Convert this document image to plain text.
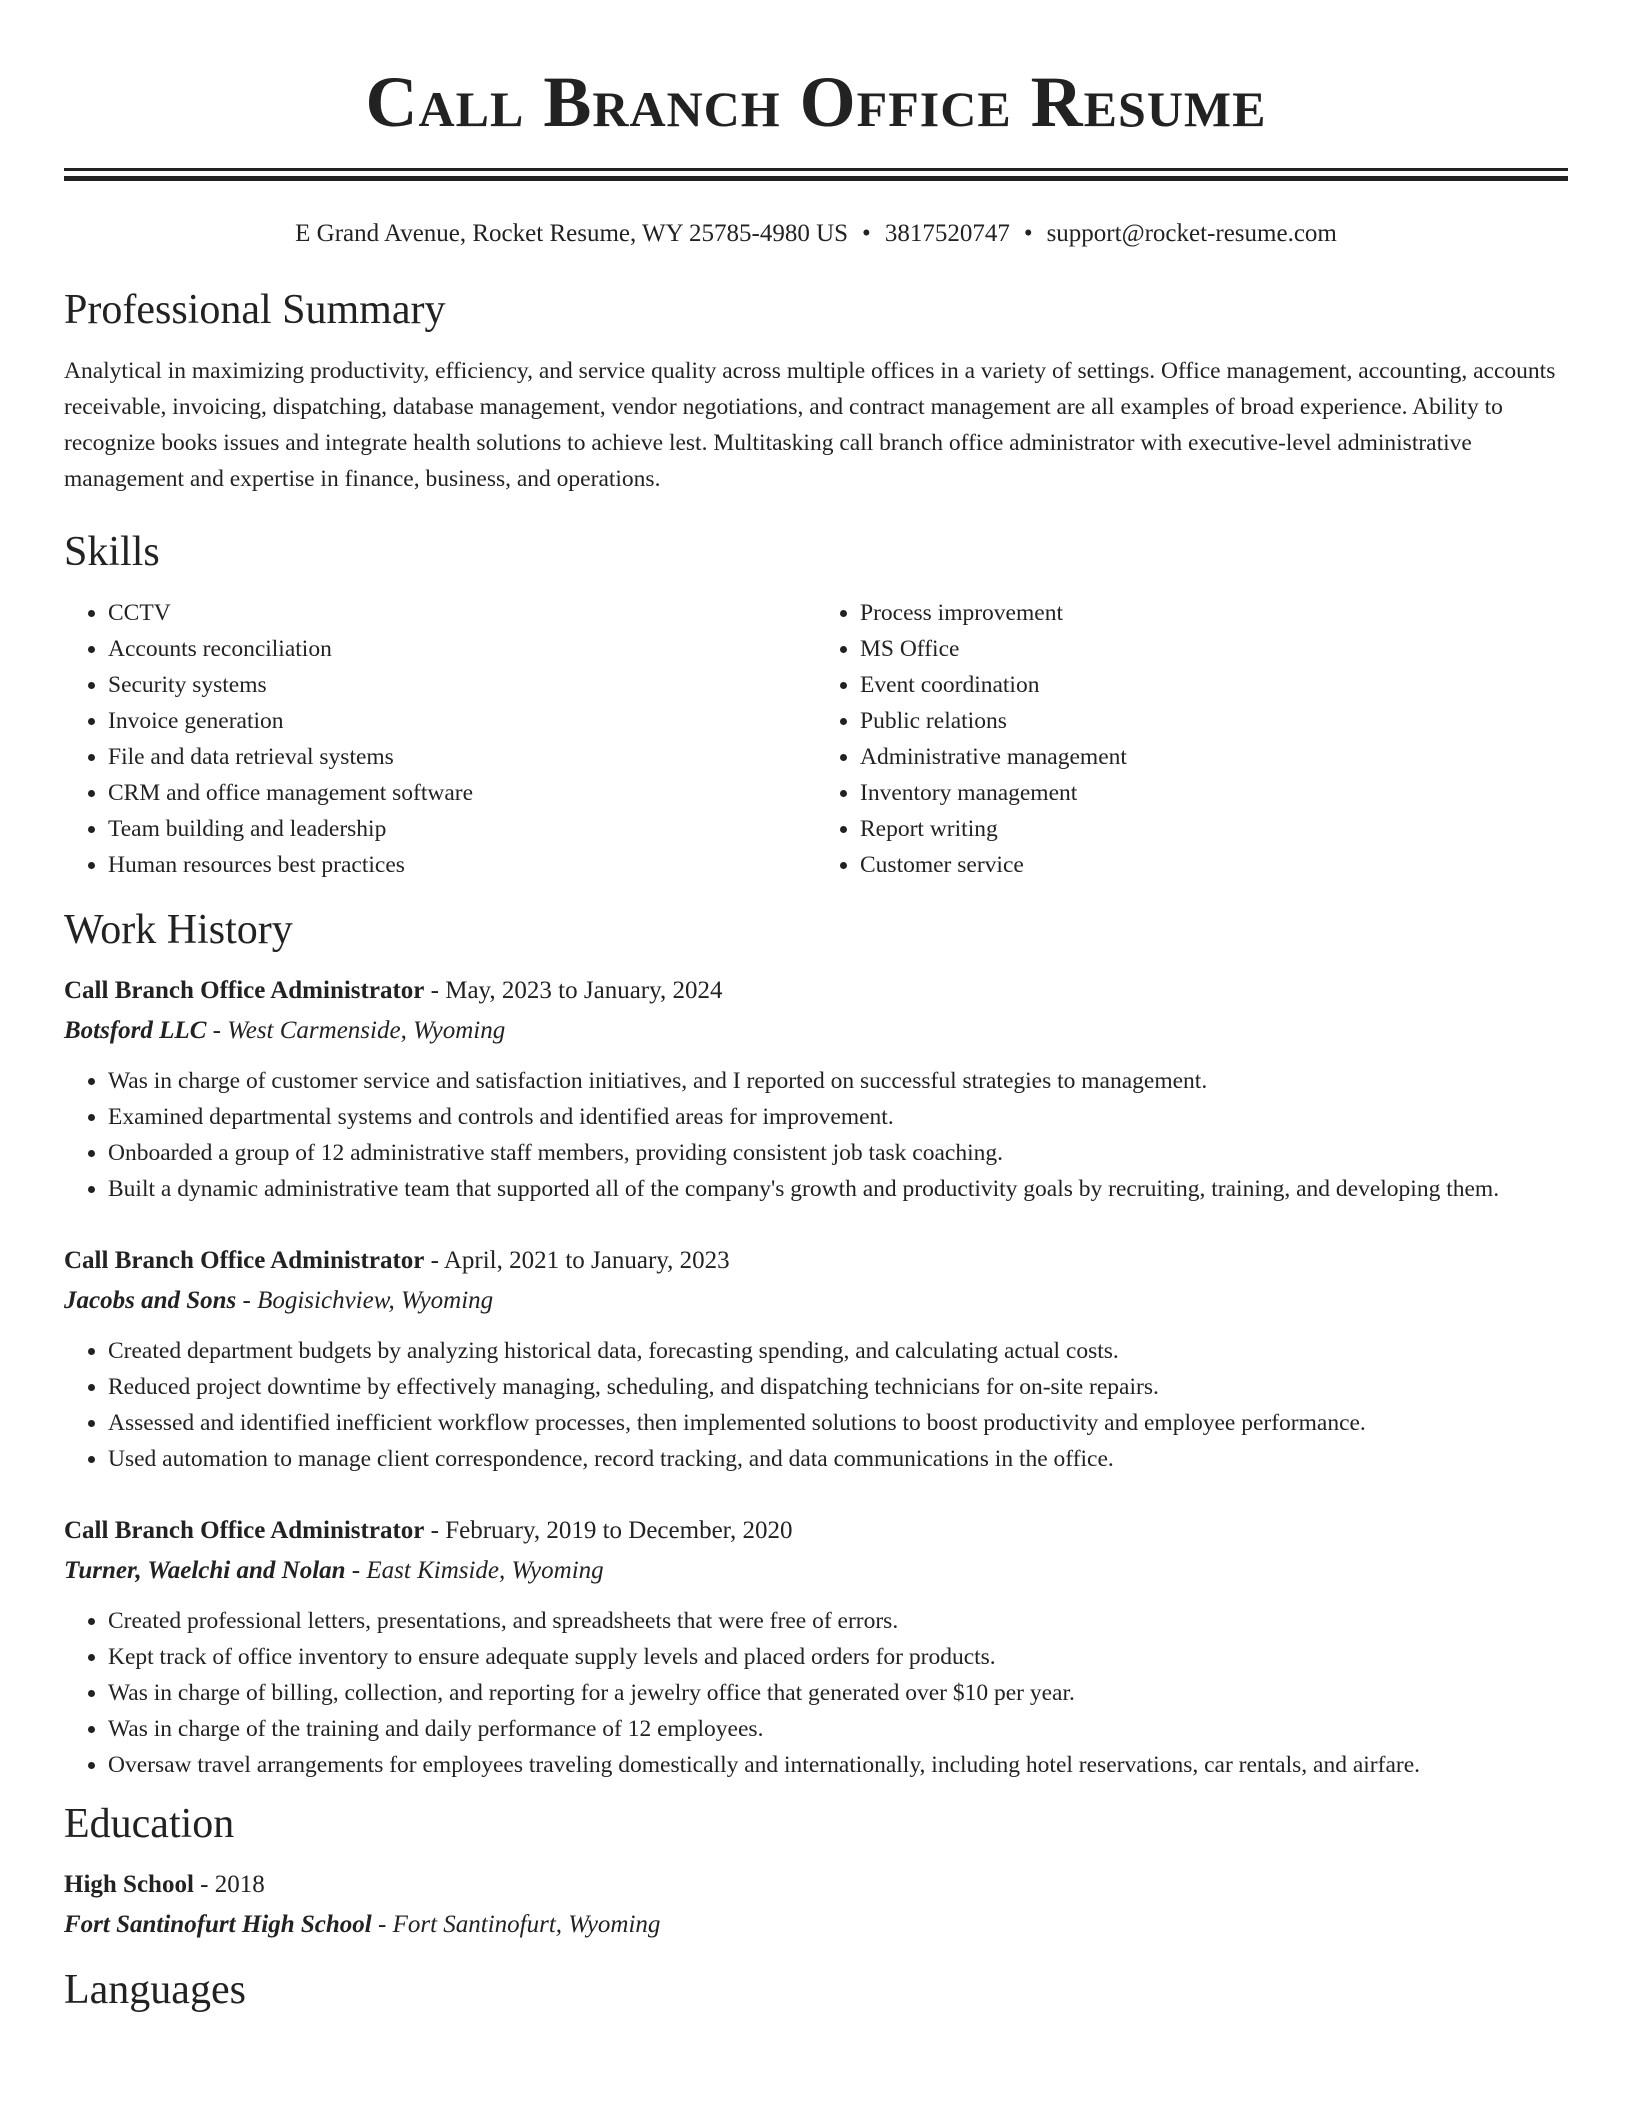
Call Branch Office Resume
E Grand Avenue, Rocket Resume, WY 25785-4980 US • 3817520747 • support@rocket-resume.com
Professional Summary
Analytical in maximizing productivity, efficiency, and service quality across multiple offices in a variety of settings. Office management, accounting, accounts receivable, invoicing, dispatching, database management, vendor negotiations, and contract management are all examples of broad experience. Ability to recognize books issues and integrate health solutions to achieve lest. Multitasking call branch office administrator with executive-level administrative management and expertise in finance, business, and operations.
Skills
• CCTV
• Accounts reconciliation
• Security systems
• Invoice generation
• File and data retrieval systems
• CRM and office management software
• Team building and leadership
• Human resources best practices
• Process improvement
• MS Office
• Event coordination
• Public relations
• Administrative management
• Inventory management
• Report writing
• Customer service
Work History
Call Branch Office Administrator - May, 2023 to January, 2024
Botsford LLC - West Carmenside, Wyoming
• Was in charge of customer service and satisfaction initiatives, and I reported on successful strategies to management.
• Examined departmental systems and controls and identified areas for improvement.
• Onboarded a group of 12 administrative staff members, providing consistent job task coaching.
• Built a dynamic administrative team that supported all of the company's growth and productivity goals by recruiting, training, and developing them.
Call Branch Office Administrator - April, 2021 to January, 2023
Jacobs and Sons - Bogisichview, Wyoming
• Created department budgets by analyzing historical data, forecasting spending, and calculating actual costs.
• Reduced project downtime by effectively managing, scheduling, and dispatching technicians for on-site repairs.
• Assessed and identified inefficient workflow processes, then implemented solutions to boost productivity and employee performance.
• Used automation to manage client correspondence, record tracking, and data communications in the office.
Call Branch Office Administrator - February, 2019 to December, 2020
Turner, Waelchi and Nolan - East Kimside, Wyoming
• Created professional letters, presentations, and spreadsheets that were free of errors.
• Kept track of office inventory to ensure adequate supply levels and placed orders for products.
• Was in charge of billing, collection, and reporting for a jewelry office that generated over $10 per year.
• Was in charge of the training and daily performance of 12 employees.
• Oversaw travel arrangements for employees traveling domestically and internationally, including hotel reservations, car rentals, and airfare.
Education
High School - 2018
Fort Santinofurt High School - Fort Santinofurt, Wyoming
Languages
